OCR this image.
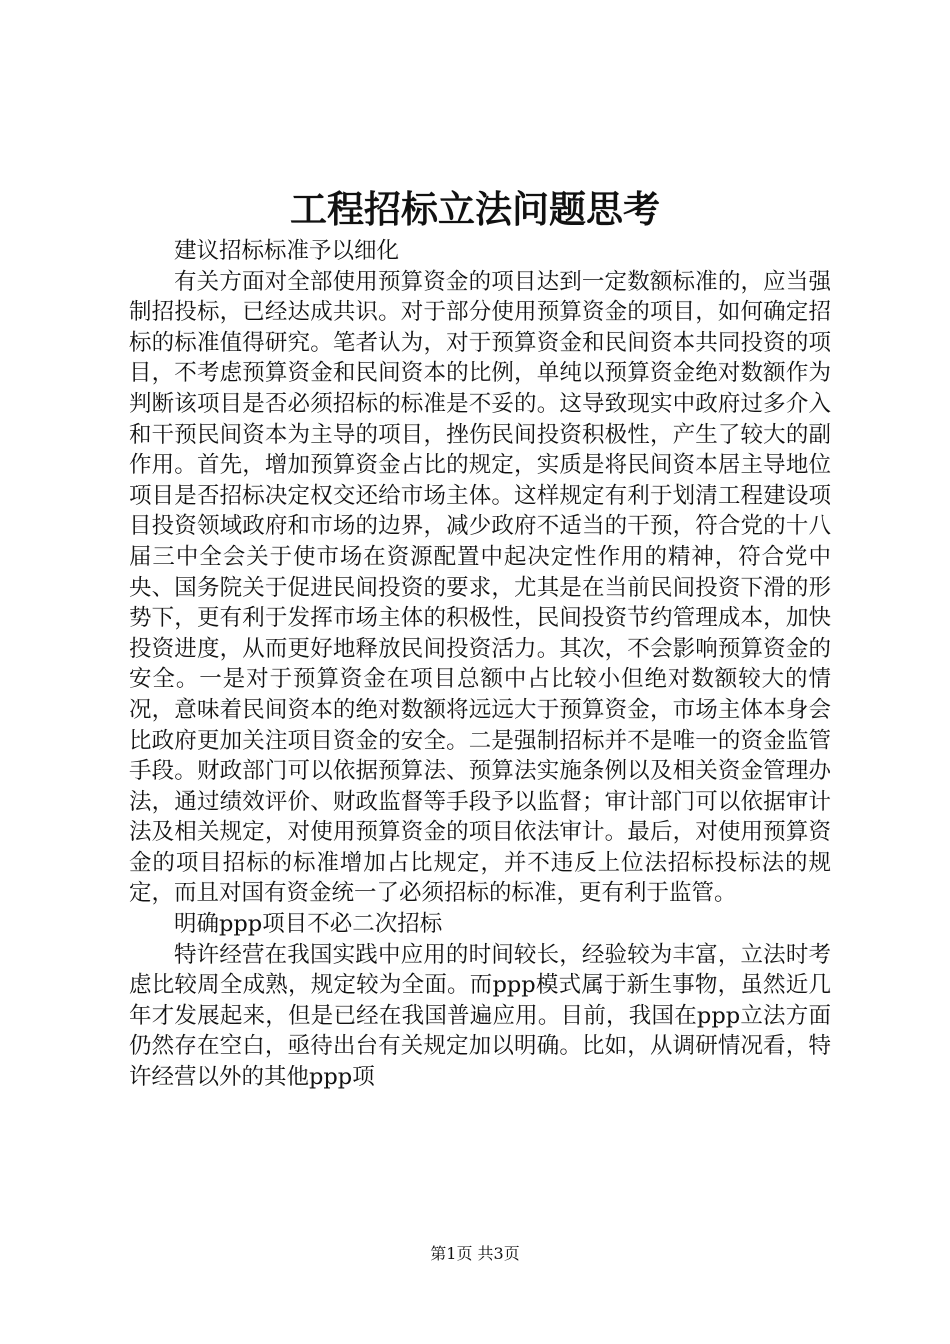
工程招标立法问题思考

建议招标标准予以细化

有关方面对全部使用预算资金的项目达到一定数额标准的，应当强制招投标，已经达成共识。对于部分使用预算资金的项目，如何确定招标的标准值得研究。笔者认为，对于预算资金和民间资本共同投资的项目，不考虑预算资金和民间资本的比例，单纯以预算资金绝对数额作为判断该项目是否必须招标的标准是不妥的。这导致现实中政府过多介入和干预民间资本为主导的项目，挫伤民间投资积极性，产生了较大的副作用。首先，增加预算资金占比的规定，实质是将民间资本居主导地位项目是否招标决定权交还给市场主体。这样规定有利于划清工程建设项目投资领域政府和市场的边界，减少政府不适当的干预，符合党的十八届三中全会关于使市场在资源配置中起决定性作用的精神，符合党中央、国务院关于促进民间投资的要求，尤其是在当前民间投资下滑的形势下，更有利于发挥市场主体的积极性，民间投资节约管理成本，加快投资进度，从而更好地释放民间投资活力。其次，不会影响预算资金的安全。一是对于预算资金在项目总额中占比较小但绝对数额较大的情况，意味着民间资本的绝对数额将远远大于预算资金，市场主体本身会比政府更加关注项目资金的安全。二是强制招标并不是唯一的资金监管手段。财政部门可以依据预算法、预算法实施条例以及相关资金管理办法，通过绩效评价、财政监督等手段予以监督；审计部门可以依据审计法及相关规定，对使用预算资金的项目依法审计。最后，对使用预算资金的项目招标的标准增加占比规定，并不违反上位法招标投标法的规定，而且对国有资金统一了必须招标的标准，更有利于监管。

明确ppp项目不必二次招标

特许经营在我国实践中应用的时间较长，经验较为丰富，立法时考虑比较周全成熟，规定较为全面。而ppp模式属于新生事物，虽然近几年才发展起来，但是已经在我国普遍应用。目前，我国在ppp立法方面仍然存在空白，亟待出台有关规定加以明确。比如，从调研情况看，特许经营以外的其他ppp项

第1页 共3页
